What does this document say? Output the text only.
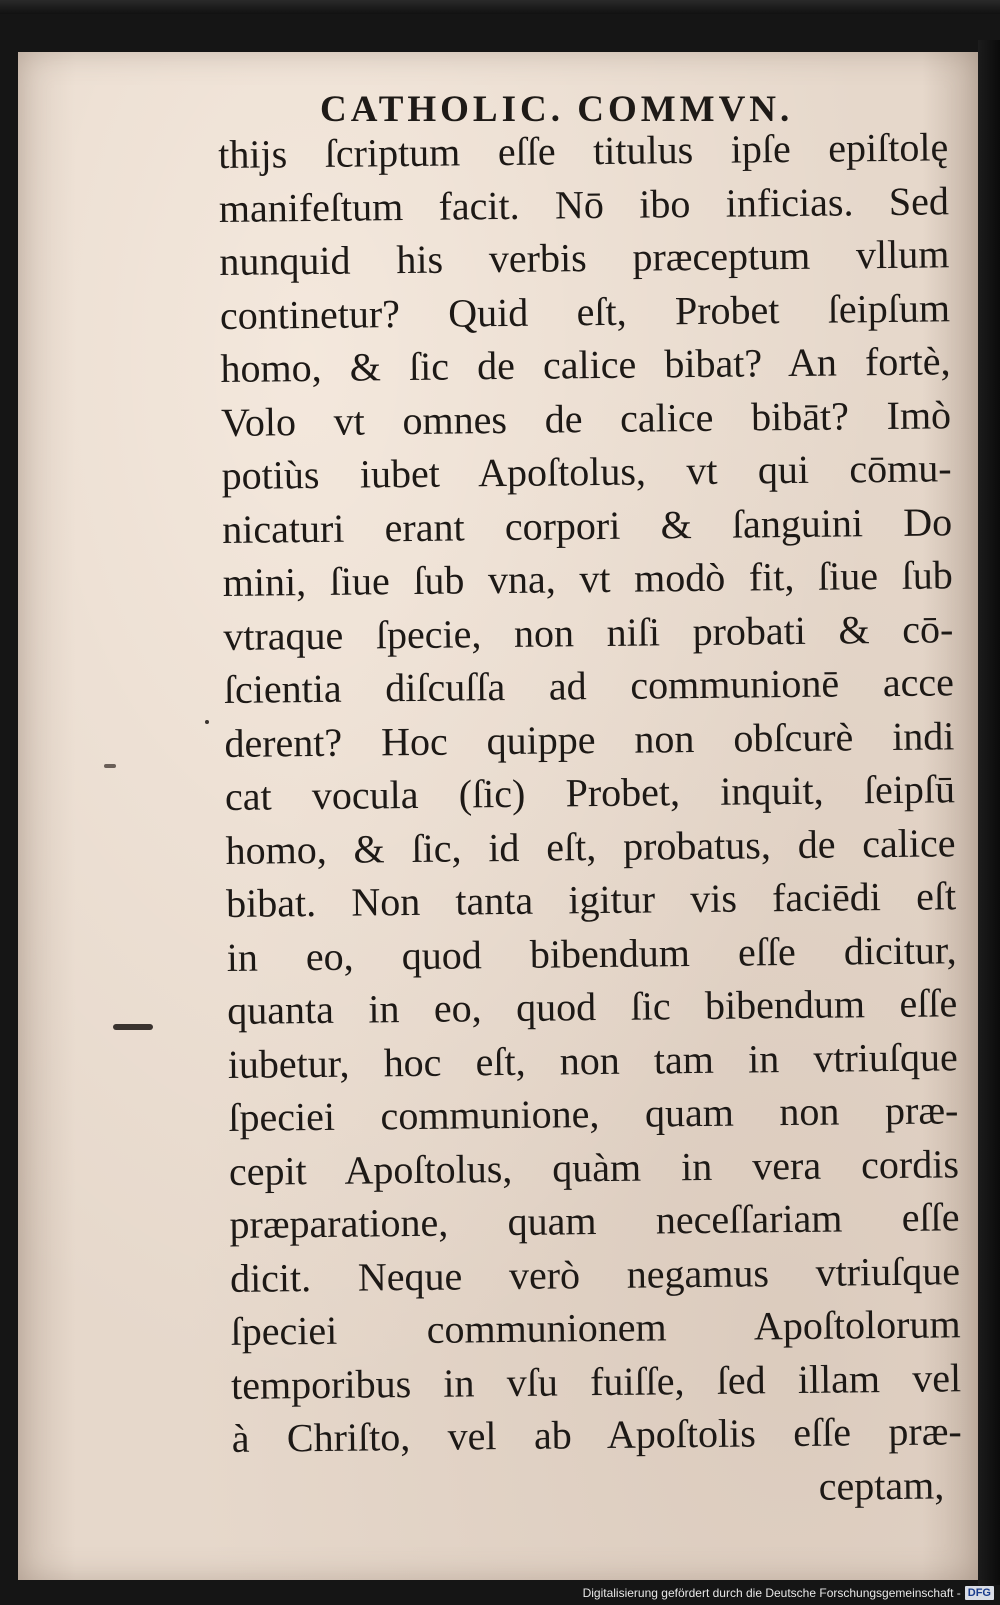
CATHOLIC. COMMVN.
thijs ſcriptum eſſe titulus ipſe epiſtolę
manifeſtum facit. Nō ibo inficias. Sed
nunquid his verbis præceptum vllum
continetur? Quid eſt, Probet ſeipſum
homo, & ſic de calice bibat? An fortè,
Volo vt omnes de calice bibāt? Imò
potiùs iubet Apoſtolus, vt qui cōmu-
nicaturi erant corpori & ſanguini Do
mini, ſiue ſub vna, vt modò fit, ſiue ſub
vtraque ſpecie, non niſi probati & cō-
ſcientia diſcuſſa ad communionē acce
derent? Hoc quippe non obſcurè indi
cat vocula (ſic) Probet, inquit, ſeipſū
homo, & ſic, id eſt, probatus, de calice
bibat. Non tanta igitur vis faciēdi eſt
in eo, quod bibendum eſſe dicitur,
quanta in eo, quod ſic bibendum eſſe
iubetur, hoc eſt, non tam in vtriuſque
ſpeciei communione, quam non præ-
cepit Apoſtolus, quàm in vera cordis
præparatione, quam neceſſariam eſſe
dicit. Neque verò negamus vtriuſque
ſpeciei communionem Apoſtolorum
temporibus in vſu fuiſſe, ſed illam vel
à Chriſto, vel ab Apoſtolis eſſe præ-
ceptam,
Digitalisierung gefördert durch die Deutsche Forschungsgemeinschaft - DFG
